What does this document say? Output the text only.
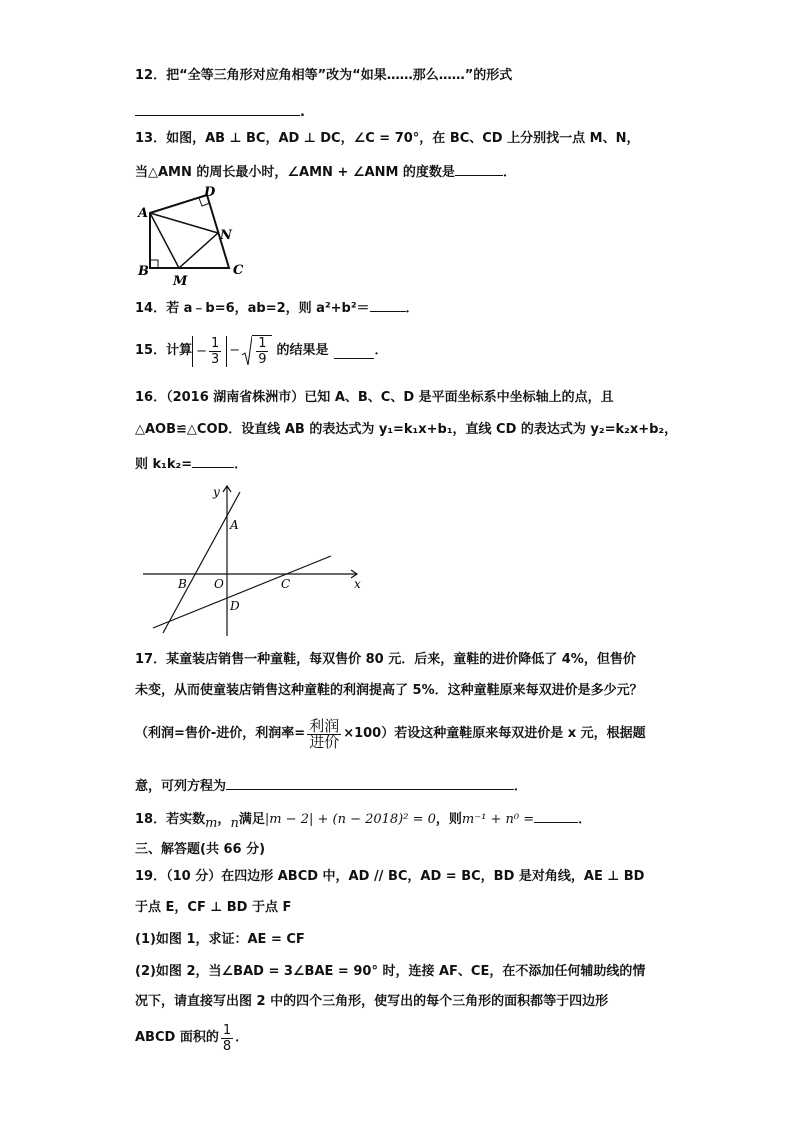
12．把“全等三角形对应角相等”改为“如果……那么……”的形式
.
13．如图，AB ⊥ BC，AD ⊥ DC，∠C = 70°，在 BC、CD 上分别找一点 M、N，
当△AMN 的周长最小时，∠AMN + ∠ANM 的度数是	．
A
B	C
D
N
M
14．若 a﹣b=6，ab=2，则 a²+b²＝	．
15．计算 − $\frac{1}{3} - \frac{1}{9}$ 的结果是	．
16．（2016 湖南省株洲市）已知 A、B、C、D 是平面坐标系中坐标轴上的点，且
△AOB≌△COD．设直线 AB 的表达式为 y₁=k₁x+b₁，直线 CD 的表达式为 y₂=k₂x+b₂，
则 k₁k₂=	．
y
x
A
B O	C
D
17．某童装店销售一种童鞋，每双售价 80 元．后来，童鞋的进价降低了 4%，但售价
未变，从而使童装店销售这种童鞋的利润提高了 5%．这种童鞋原来每双进价是多少元？
（利润=售价-进价，利润率= $\frac{\text{利润}}{\text{进价}} \times 100$）若设这种童鞋原来每双进价是 x 元，根据题
意，可列方程为	．
18．若实数m，n满足|m − 2| + (n − 2018)² = 0，则m⁻¹ + n⁰ =	．
三、解答题(共 66 分)
19．（10 分）在四边形 ABCD 中，AD // BC，AD = BC，BD 是对角线，AE ⊥ BD
于点 E，CF ⊥ BD 于点 F
(1)如图 1，求证：AE = CF
(2)如图 2，当∠BAD = 3∠BAE = 90° 时，连接 AF、CE，在不添加任何辅助线的情
况下，请直接写出图 2 中的四个三角形，使写出的每个三角形的面积都等于四边形
ABCD 面积的 $\frac{1}{8}$ ．
